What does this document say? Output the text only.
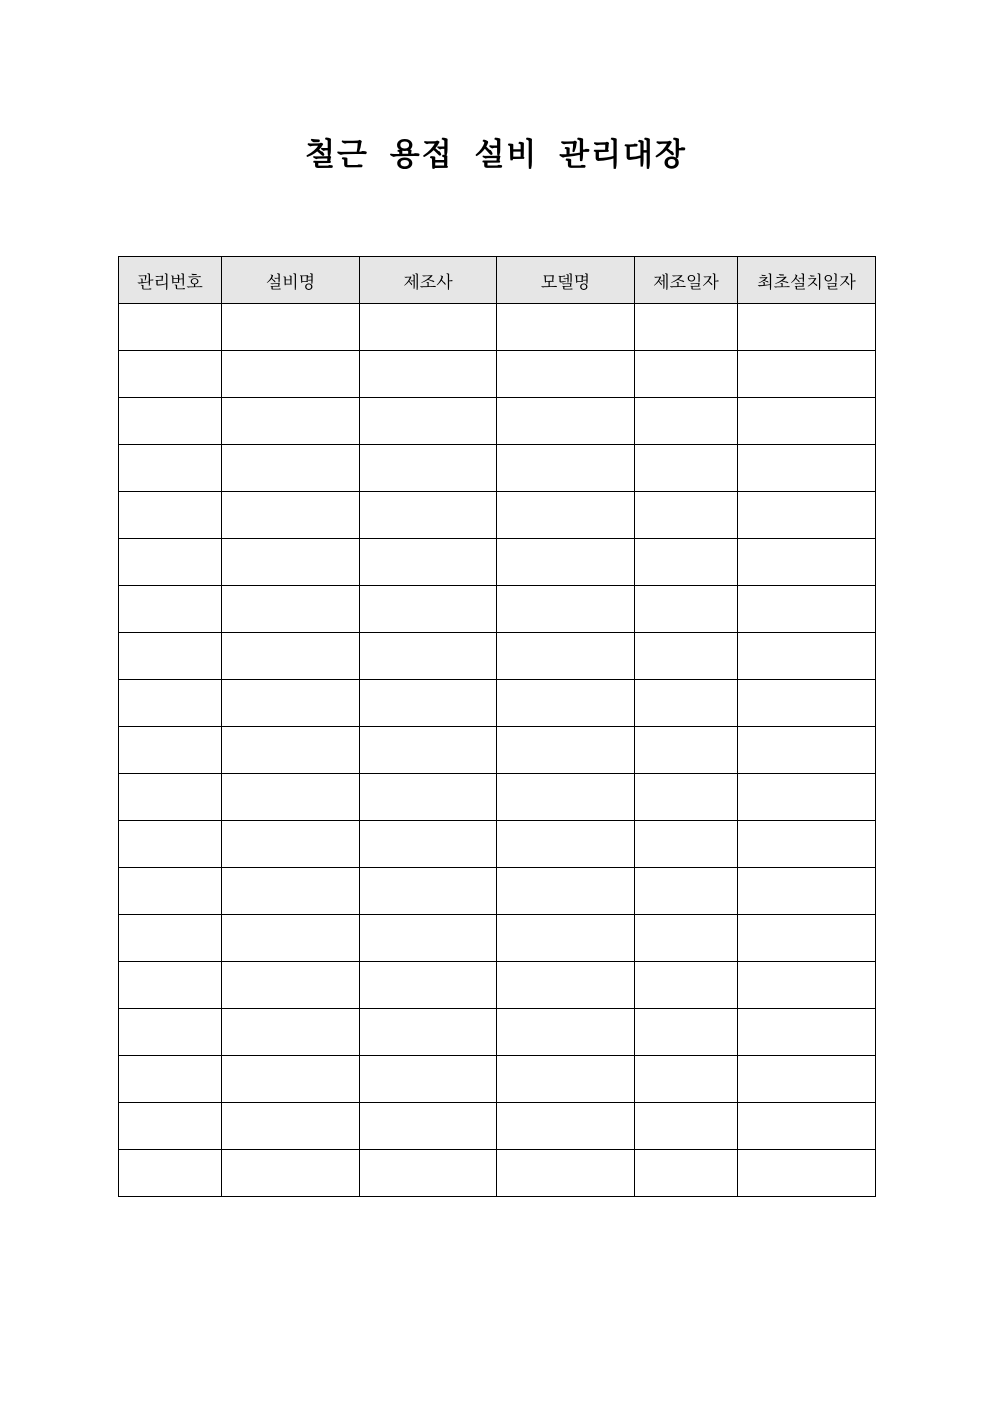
철근 용접 설비 관리대장
관리번호	설비명	제조사	모델명	제조일자	최초설치일자
